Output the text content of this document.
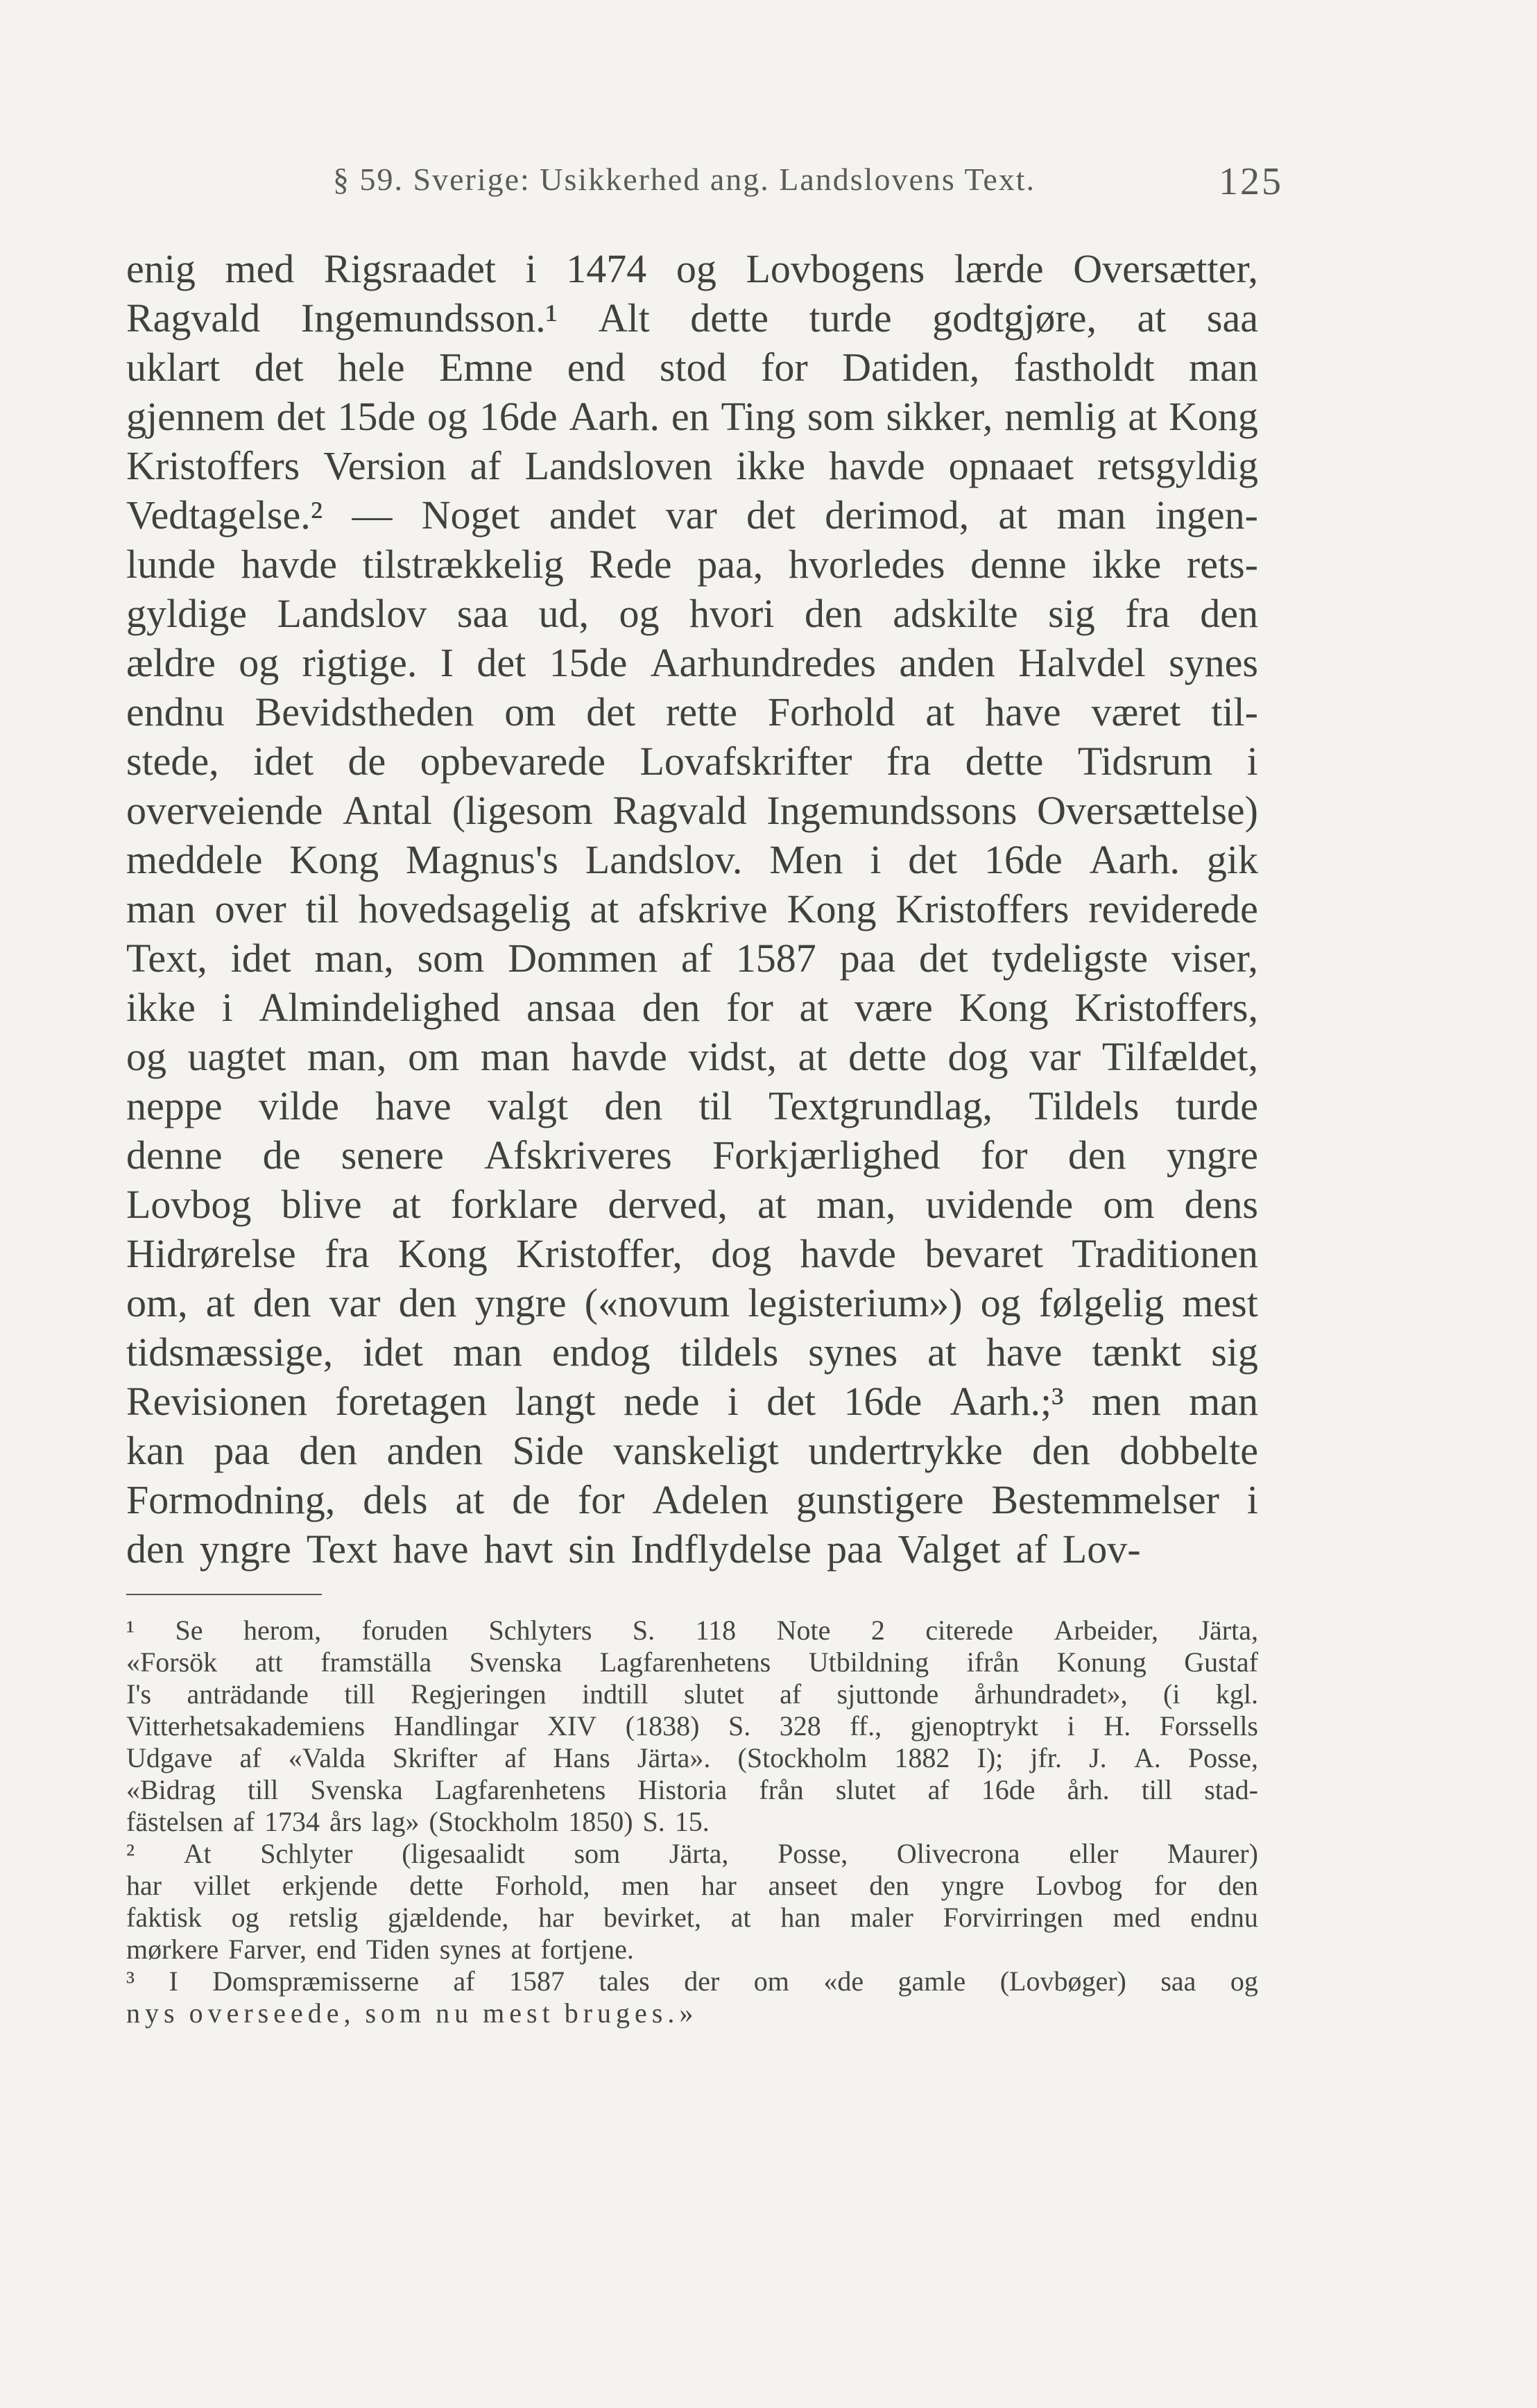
§ 59. Sverige: Usikkerhed ang. Landslovens Text.	125
enig med Rigsraadet i 1474 og Lovbogens lærde Oversætter,
Ragvald Ingemundsson.¹ Alt dette turde godtgjøre, at saa
uklart det hele Emne end stod for Datiden, fastholdt man
gjennem det 15de og 16de Aarh. en Ting som sikker, nemlig at Kong
Kristoffers Version af Landsloven ikke havde opnaaet retsgyldig
Vedtagelse.² — Noget andet var det derimod, at man ingen-
lunde havde tilstrækkelig Rede paa, hvorledes denne ikke rets-
gyldige Landslov saa ud, og hvori den adskilte sig fra den
ældre og rigtige. I det 15de Aarhundredes anden Halvdel synes
endnu Bevidstheden om det rette Forhold at have været til-
stede, idet de opbevarede Lovafskrifter fra dette Tidsrum i
overveiende Antal (ligesom Ragvald Ingemundssons Oversættelse)
meddele Kong Magnus's Landslov. Men i det 16de Aarh. gik
man over til hovedsagelig at afskrive Kong Kristoffers reviderede
Text, idet man, som Dommen af 1587 paa det tydeligste viser,
ikke i Almindelighed ansaa den for at være Kong Kristoffers,
og uagtet man, om man havde vidst, at dette dog var Tilfældet,
neppe vilde have valgt den til Textgrundlag, Tildels turde
denne de senere Afskriveres Forkjærlighed for den yngre
Lovbog blive at forklare derved, at man, uvidende om dens
Hidrørelse fra Kong Kristoffer, dog havde bevaret Traditionen
om, at den var den yngre («novum legisterium») og følgelig mest
tidsmæssige, idet man endog tildels synes at have tænkt sig
Revisionen foretagen langt nede i det 16de Aarh.;³ men man
kan paa den anden Side vanskeligt undertrykke den dobbelte
Formodning, dels at de for Adelen gunstigere Bestemmelser i
den yngre Text have havt sin Indflydelse paa Valget af Lov-
¹ Se herom, foruden Schlyters S. 118 Note 2 citerede Arbeider, Järta,
«Forsök att framställa Svenska Lagfarenhetens Utbildning ifrån Konung Gustaf
I's anträdande till Regjeringen indtill slutet af sjuttonde århundradet», (i kgl.
Vitterhetsakademiens Handlingar XIV (1838) S. 328 ff., gjenoptrykt i H. Forssells
Udgave af «Valda Skrifter af Hans Järta». (Stockholm 1882 I); jfr. J. A. Posse,
«Bidrag till Svenska Lagfarenhetens Historia från slutet af 16de årh. till stad-
fästelsen af 1734 års lag» (Stockholm 1850) S. 15.
² At Schlyter (ligesaalidt som Järta, Posse, Olivecrona eller Maurer)
har villet erkjende dette Forhold, men har anseet den yngre Lovbog for den
faktisk og retslig gjældende, har bevirket, at han maler Forvirringen med endnu
mørkere Farver, end Tiden synes at fortjene.
³ I Domspræmisserne af 1587 tales der om «de gamle (Lovbøger) saa og
nys overseede, som nu mest bruges.»
